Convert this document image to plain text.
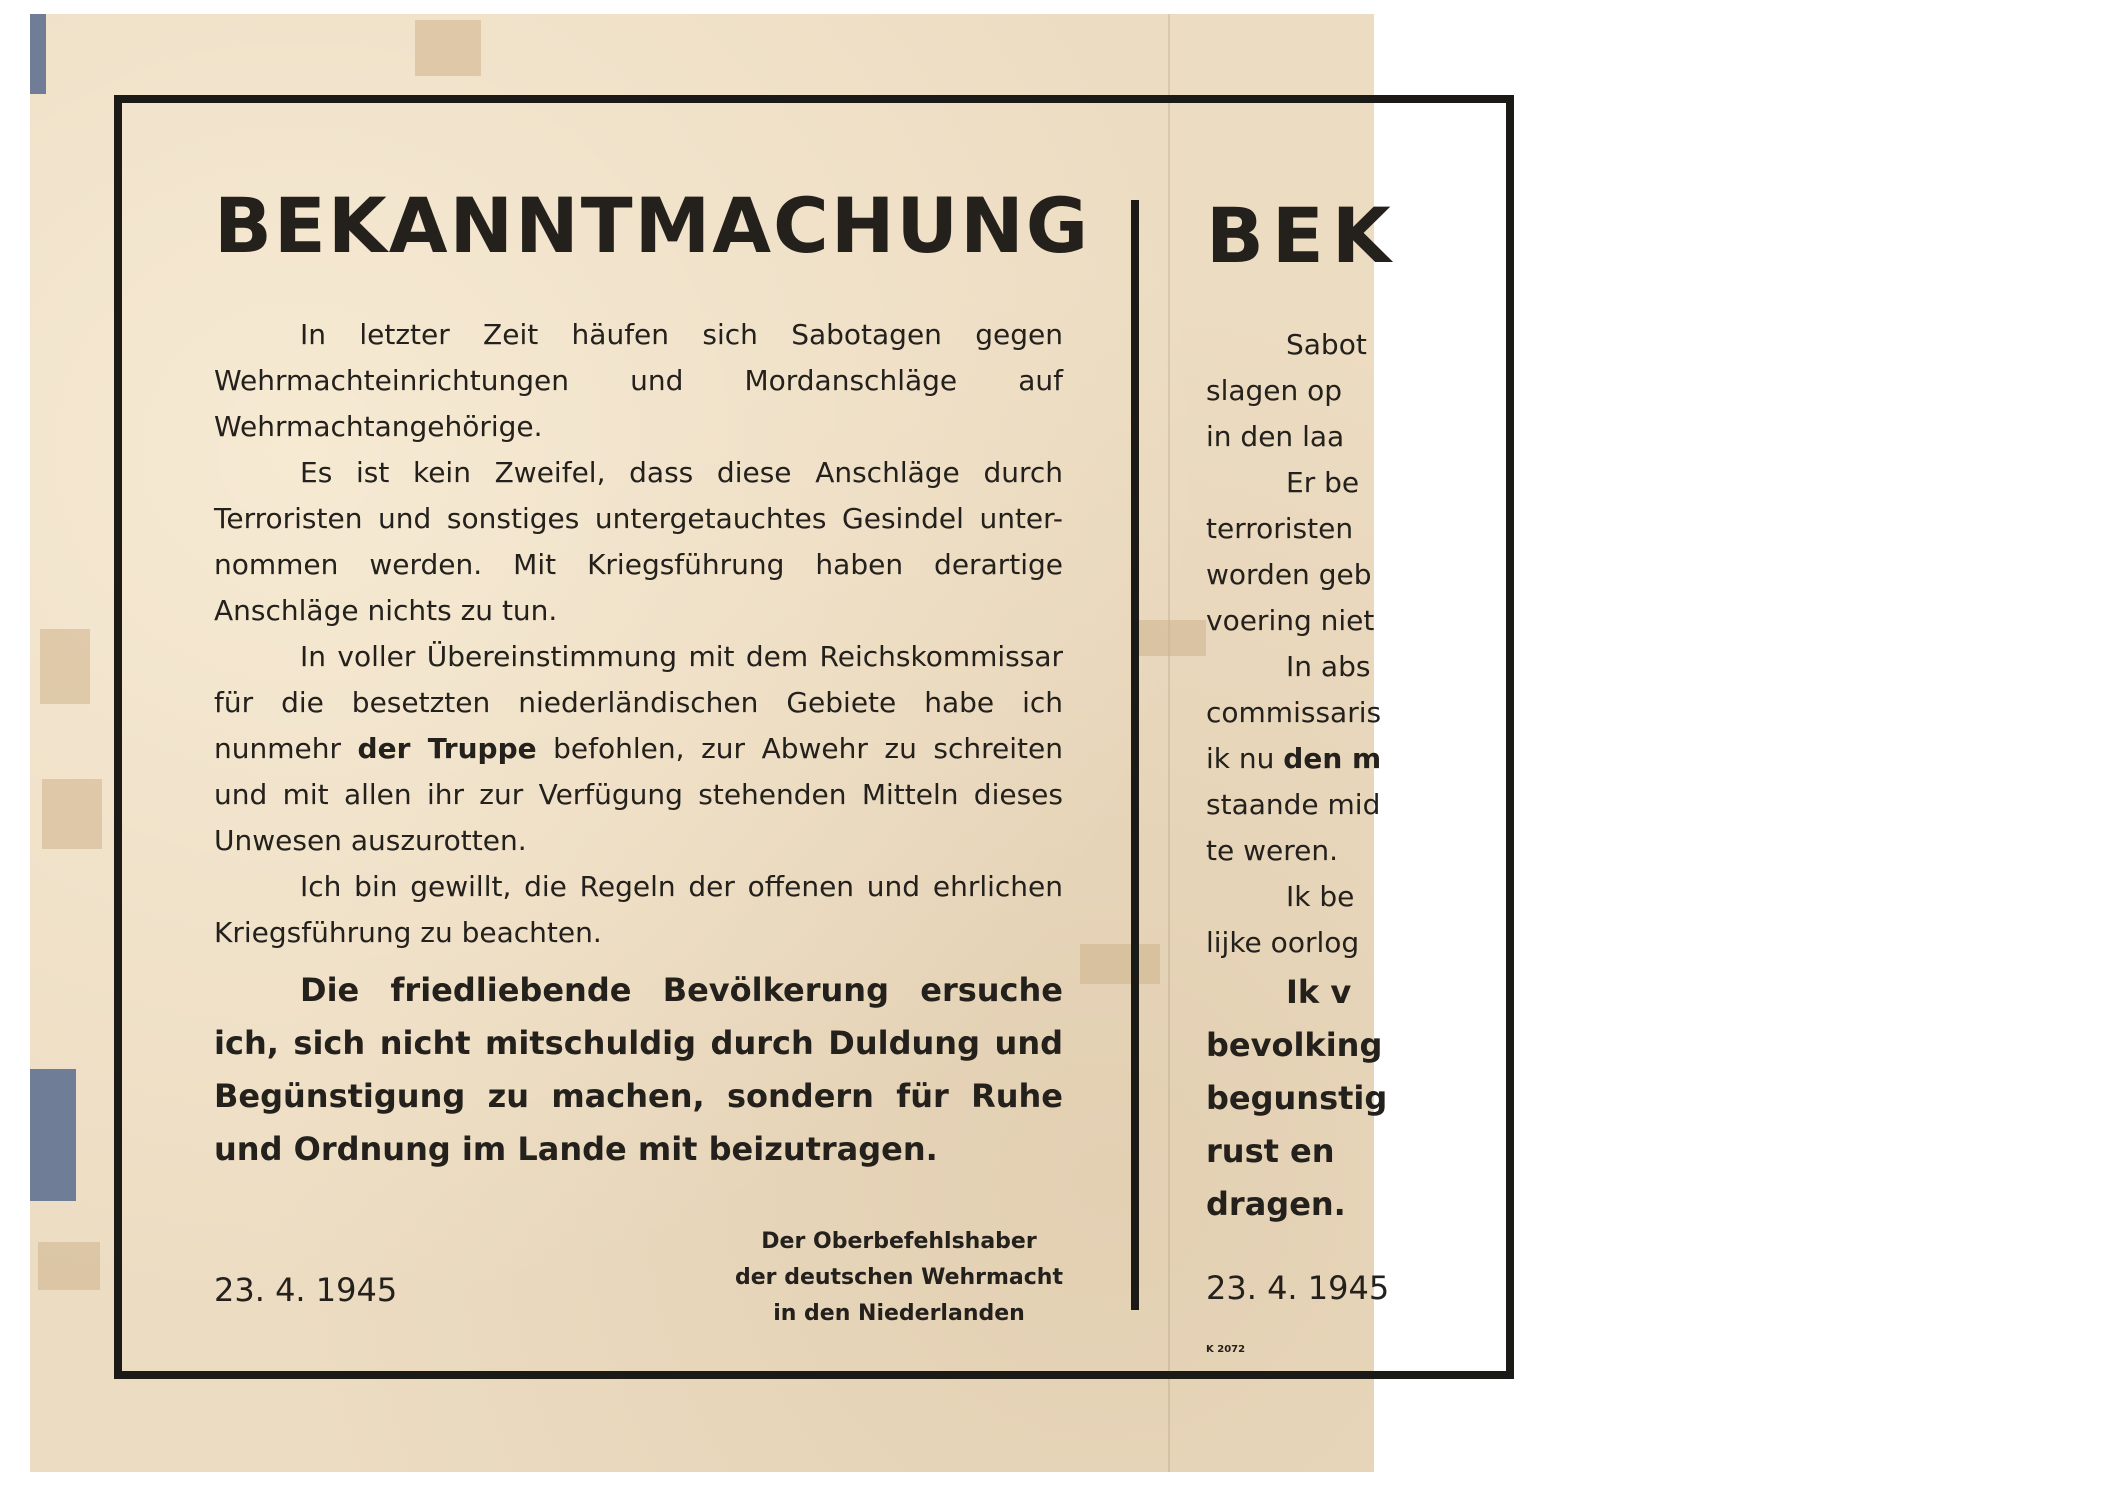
BEKANNTMACHUNG

In letzter Zeit häufen sich Sabotagen gegen Wehrmachteinrichtungen und Mordanschläge auf Wehrmachtangehörige.

Es ist kein Zweifel, dass diese Anschläge durch Terroristen und sonstiges untergetauchtes Gesindel unter-nommen werden. Mit Kriegsführung haben derartige Anschläge nichts zu tun.

In voller Übereinstimmung mit dem Reichskommissar für die besetzten niederländischen Gebiete habe ich nunmehr der Truppe befohlen, zur Abwehr zu schreiten und mit allen ihr zur Verfügung stehenden Mitteln dieses Unwesen auszurotten.

Ich bin gewillt, die Regeln der offenen und ehrlichen Kriegsführung zu beachten.

Die friedliebende Bevölkerung ersuche ich, sich nicht mitschuldig durch Duldung und Begünstigung zu machen, sondern für Ruhe und Ordnung im Lande mit beizutragen.

23. 4. 1945
Der Oberbefehlshaber
der deutschen Wehrmacht
in den Niederlanden
BEK

Sabot

slagen op

in den laa

Er be

terroristen

worden geb

voering niet

In abs

commissaris

ik nu den m

staande mid

te weren.

Ik be

lijke oorlog

Ik v

bevolking

begunstig

rust en

dragen.

23. 4. 1945
K 2072
